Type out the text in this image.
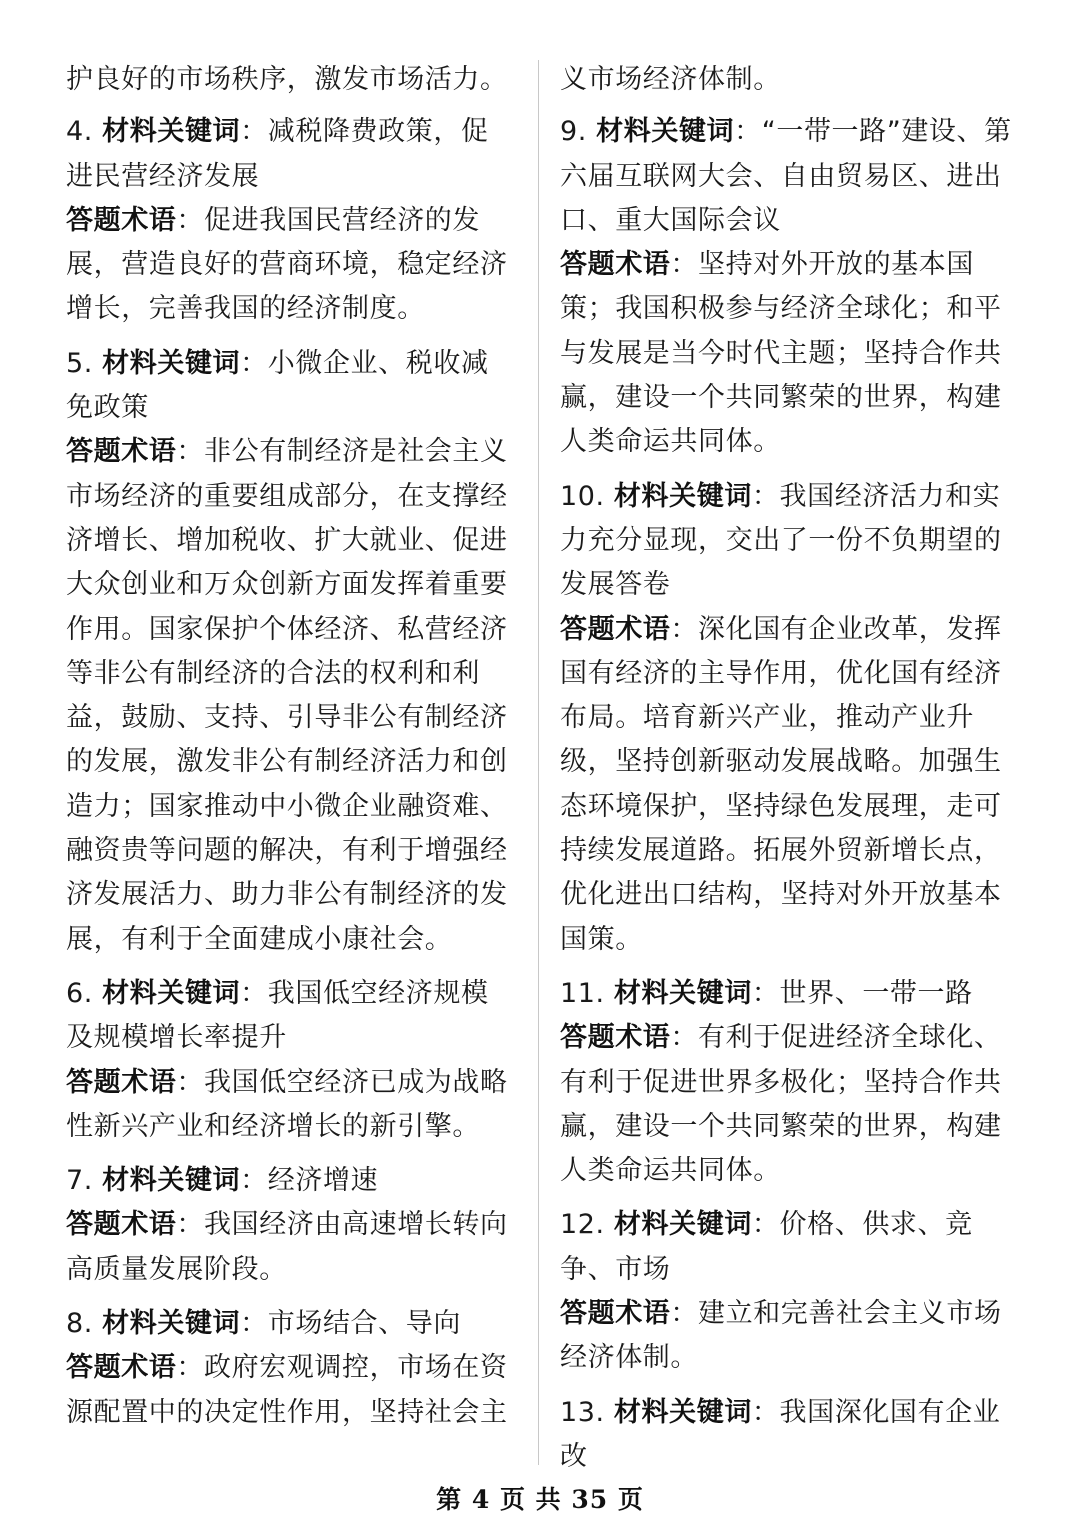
护良好的市场秩序，激发市场活力。

4. 材料关键词：减税降费政策，促进民营经济发展

答题术语：促进我国民营经济的发展，营造良好的营商环境，稳定经济增长，完善我国的经济制度。

5. 材料关键词：小微企业、税收减免政策

答题术语：非公有制经济是社会主义市场经济的重要组成部分，在支撑经济增长、增加税收、扩大就业、促进大众创业和万众创新方面发挥着重要作用。国家保护个体经济、私营经济等非公有制经济的合法的权利和利益，鼓励、支持、引导非公有制经济的发展，激发非公有制经济活力和创造力；国家推动中小微企业融资难、融资贵等问题的解决，有利于增强经济发展活力、助力非公有制经济的发展，有利于全面建成小康社会。

6. 材料关键词：我国低空经济规模及规模增长率提升

答题术语：我国低空经济已成为战略性新兴产业和经济增长的新引擎。

7. 材料关键词：经济增速

答题术语：我国经济由高速增长转向高质量发展阶段。

8. 材料关键词：市场结合、导向

答题术语：政府宏观调控，市场在资源配置中的决定性作用，坚持社会主

义市场经济体制。

9. 材料关键词：“一带一路”建设、第六届互联网大会、自由贸易区、进出口、重大国际会议

答题术语：坚持对外开放的基本国策；我国积极参与经济全球化；和平与发展是当今时代主题；坚持合作共赢，建设一个共同繁荣的世界，构建人类命运共同体。

10. 材料关键词：我国经济活力和实力充分显现，交出了一份不负期望的发展答卷

答题术语：深化国有企业改革，发挥国有经济的主导作用，优化国有经济布局。培育新兴产业，推动产业升级，坚持创新驱动发展战略。加强生态环境保护，坚持绿色发展理，走可持续发展道路。拓展外贸新增长点，优化进出口结构，坚持对外开放基本国策。

11. 材料关键词：世界、一带一路

答题术语：有利于促进经济全球化、有利于促进世界多极化；坚持合作共赢，建设一个共同繁荣的世界，构建人类命运共同体。

12. 材料关键词：价格、供求、竞争、市场

答题术语：建立和完善社会主义市场经济体制。

13. 材料关键词：我国深化国有企业改

第 4 页 共 35 页
